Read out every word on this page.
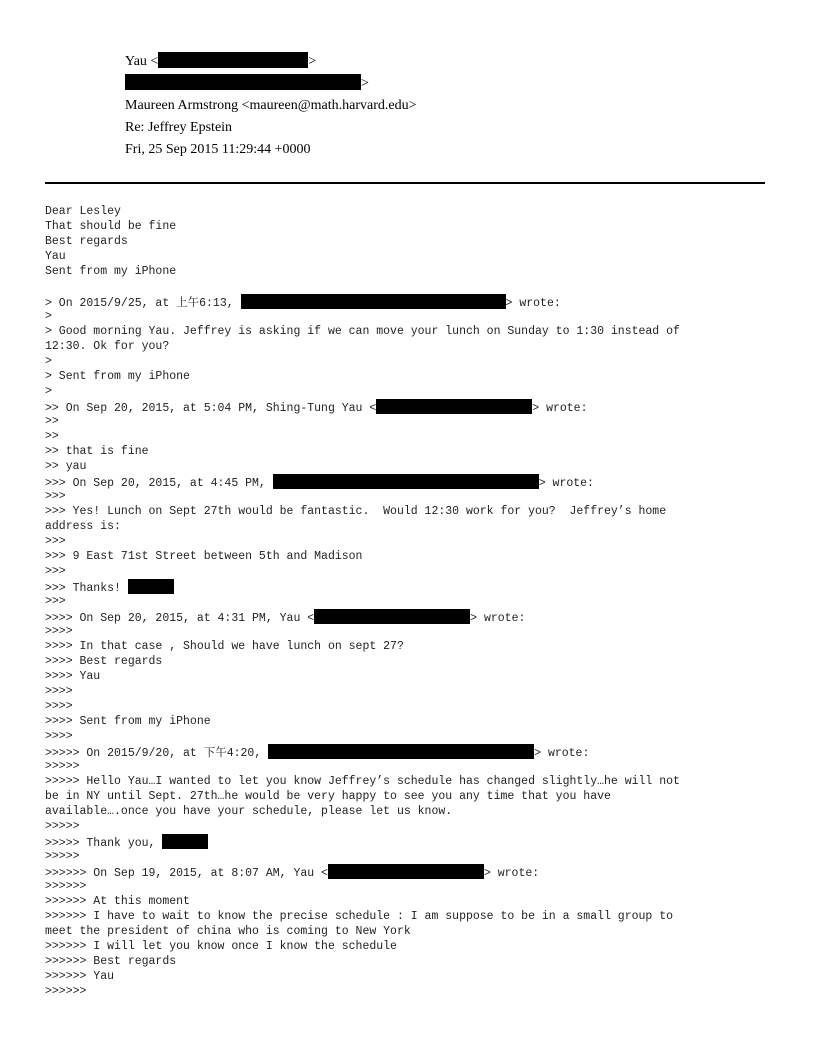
Yau <	>
>
Maureen Armstrong <maureen@math.harvard.edu>
Re: Jeffrey Epstein
Fri, 25 Sep 2015 11:29:44 +0000
Dear Lesley
That should be fine
Best regards
Yau
Sent from my iPhone
> On 2015/9/25, at 上午6:13,	> wrote:
>
> Good morning Yau. Jeffrey is asking if we can move your lunch on Sunday to 1:30 instead of
12:30. Ok for you?
>
> Sent from my iPhone
>
>> On Sep 20, 2015, at 5:04 PM, Shing-Tung Yau <	> wrote:
>>
>>
>> that is fine
>> yau
>>> On Sep 20, 2015, at 4:45 PM,	> wrote:
>>>
>>> Yes! Lunch on Sept 27th would be fantastic.  Would 12:30 work for you?  Jeffrey’s home
address is:
>>>
>>> 9 East 71st Street between 5th and Madison
>>>
>>> Thanks!
>>>
>>>> On Sep 20, 2015, at 4:31 PM, Yau <	> wrote:
>>>>
>>>> In that case , Should we have lunch on sept 27?
>>>> Best regards
>>>> Yau
>>>>
>>>>
>>>> Sent from my iPhone
>>>>
>>>>> On 2015/9/20, at 下午4:20,	> wrote:
>>>>>
>>>>> Hello Yau…I wanted to let you know Jeffrey’s schedule has changed slightly…he will not
be in NY until Sept. 27th…he would be very happy to see you any time that you have
available….once you have your schedule, please let us know.
>>>>>
>>>>> Thank you,
>>>>>
>>>>>> On Sep 19, 2015, at 8:07 AM, Yau <	> wrote:
>>>>>>
>>>>>> At this moment
>>>>>> I have to wait to know the precise schedule : I am suppose to be in a small group to
meet the president of china who is coming to New York
>>>>>> I will let you know once I know the schedule
>>>>>> Best regards
>>>>>> Yau
>>>>>>
